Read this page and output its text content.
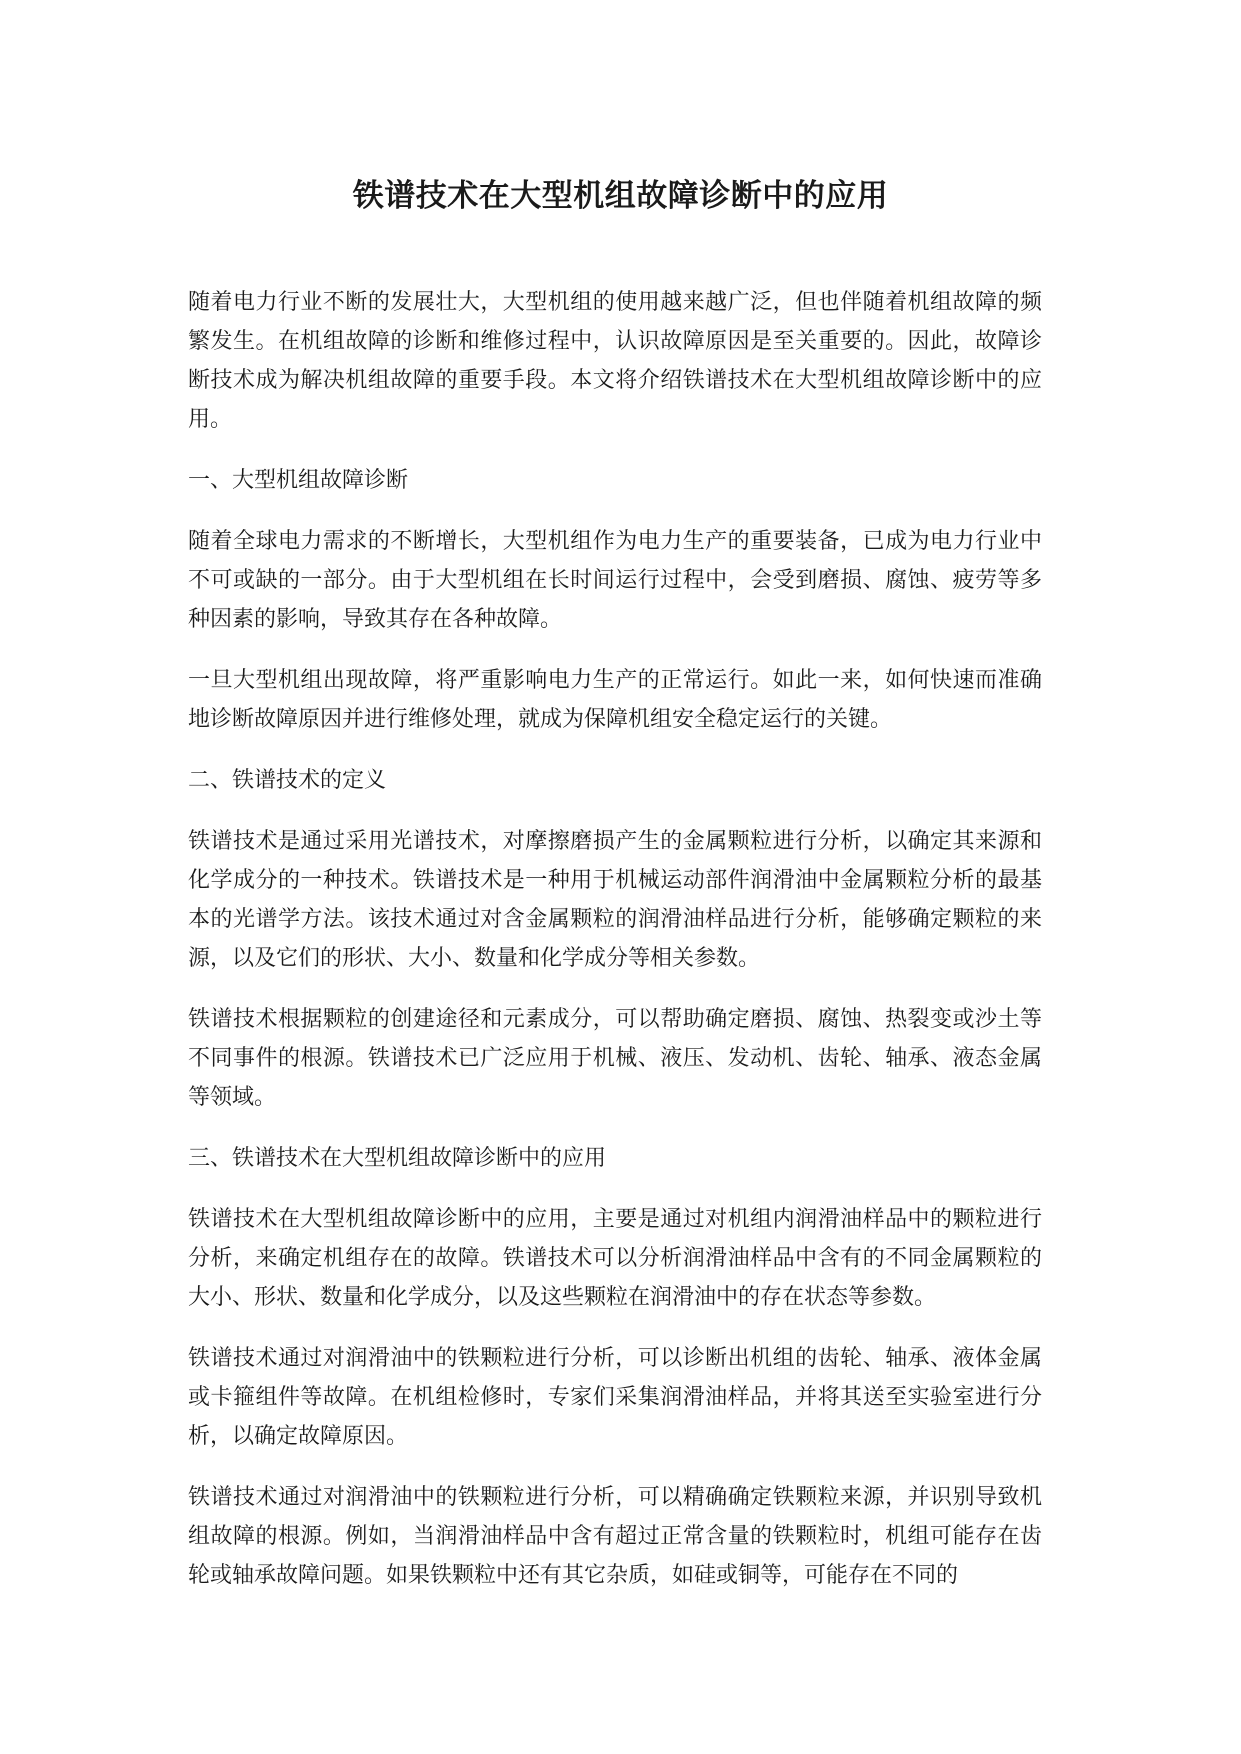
铁谱技术在大型机组故障诊断中的应用

随着电力行业不断的发展壮大，大型机组的使用越来越广泛，但也伴随着机组故障的频繁发生。在机组故障的诊断和维修过程中，认识故障原因是至关重要的。因此，故障诊断技术成为解决机组故障的重要手段。本文将介绍铁谱技术在大型机组故障诊断中的应用。

一、大型机组故障诊断

随着全球电力需求的不断增长，大型机组作为电力生产的重要装备，已成为电力行业中不可或缺的一部分。由于大型机组在长时间运行过程中，会受到磨损、腐蚀、疲劳等多种因素的影响，导致其存在各种故障。

一旦大型机组出现故障，将严重影响电力生产的正常运行。如此一来，如何快速而准确地诊断故障原因并进行维修处理，就成为保障机组安全稳定运行的关键。

二、铁谱技术的定义

铁谱技术是通过采用光谱技术，对摩擦磨损产生的金属颗粒进行分析，以确定其来源和化学成分的一种技术。铁谱技术是一种用于机械运动部件润滑油中金属颗粒分析的最基本的光谱学方法。该技术通过对含金属颗粒的润滑油样品进行分析，能够确定颗粒的来源，以及它们的形状、大小、数量和化学成分等相关参数。

铁谱技术根据颗粒的创建途径和元素成分，可以帮助确定磨损、腐蚀、热裂变或沙土等不同事件的根源。铁谱技术已广泛应用于机械、液压、发动机、齿轮、轴承、液态金属等领域。

三、铁谱技术在大型机组故障诊断中的应用

铁谱技术在大型机组故障诊断中的应用，主要是通过对机组内润滑油样品中的颗粒进行分析，来确定机组存在的故障。铁谱技术可以分析润滑油样品中含有的不同金属颗粒的大小、形状、数量和化学成分，以及这些颗粒在润滑油中的存在状态等参数。

铁谱技术通过对润滑油中的铁颗粒进行分析，可以诊断出机组的齿轮、轴承、液体金属或卡箍组件等故障。在机组检修时，专家们采集润滑油样品，并将其送至实验室进行分析，以确定故障原因。

铁谱技术通过对润滑油中的铁颗粒进行分析，可以精确确定铁颗粒来源，并识别导致机组故障的根源。例如，当润滑油样品中含有超过正常含量的铁颗粒时，机组可能存在齿轮或轴承故障问题。如果铁颗粒中还有其它杂质，如硅或铜等，可能存在不同的
